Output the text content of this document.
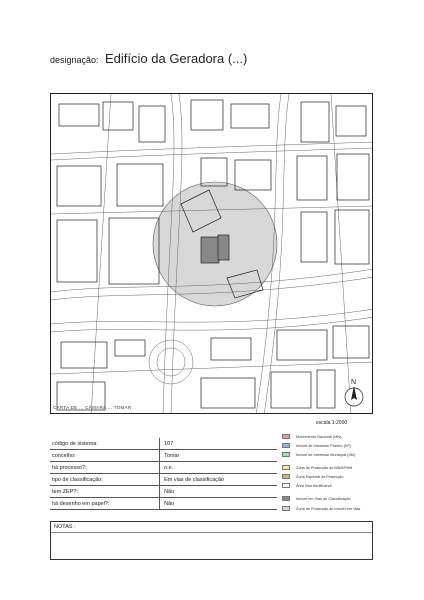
designação: Edifício da Geradora (...)
N
CARTA DE ... CÂMARA ... TOMAR
escala 1:2000
código de sistema:	107
concelho:	Tomar
há processo?:	n.e.
tipo de classificação:	Em vias de classificação
tem ZEP?:	Não
há desenho em papel?:	Não
Monumento Nacional (MN)
Imóvel de Interesse Público (IIP)
Imóvel de Interesse Municipal (IIM)
Zona de Protecção ao MN/IIP/IIM
Zona Especial de Protecção
Área Non Aedificandi
Imóvel em Vias de Classificação
Zona de Protecção ao Imóvel em Vias
NOTAS :
